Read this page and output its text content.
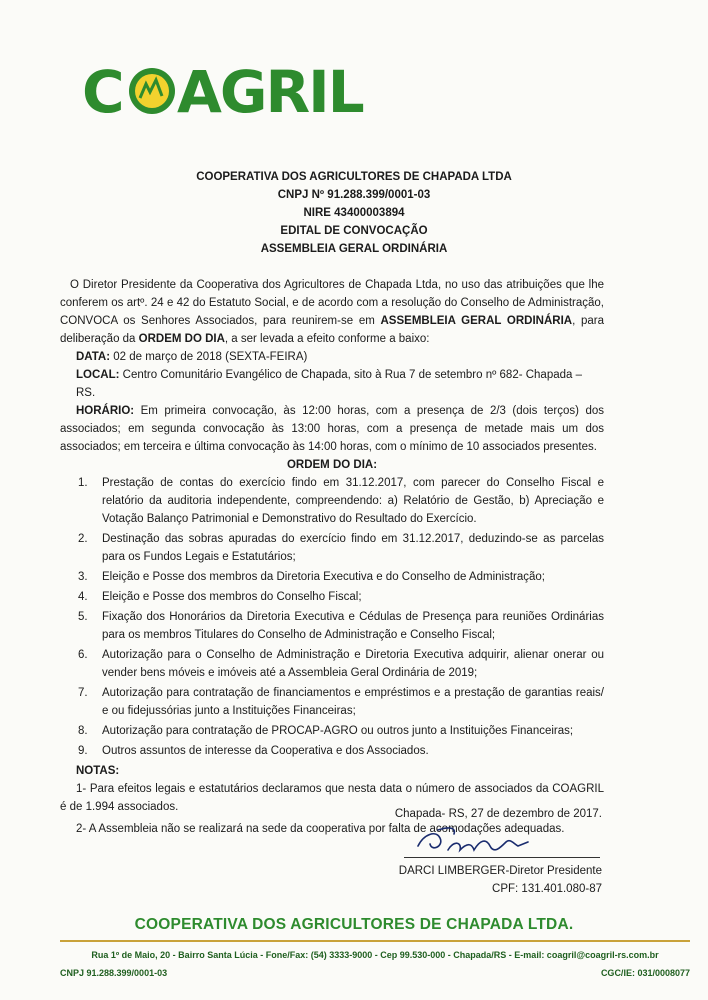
C AGRIL
COOPERATIVA DOS AGRICULTORES DE CHAPADA LTDA
CNPJ Nº 91.288.399/0001-03
NIRE 43400003894
EDITAL DE CONVOCAÇÃO
ASSEMBLEIA GERAL ORDINÁRIA

O Diretor Presidente da Cooperativa dos Agricultores de Chapada Ltda, no uso das atribuições que lhe conferem os artº. 24 e 42 do Estatuto Social, e de acordo com a resolução do Conselho de Administração, CONVOCA os Senhores Associados, para reunirem-se em ASSEMBLEIA GERAL ORDINÁRIA, para deliberação da ORDEM DO DIA, a ser levada a efeito conforme a baixo:

DATA: 02 de março de 2018 (SEXTA-FEIRA)

LOCAL: Centro Comunitário Evangélico de Chapada, sito à Rua 7 de setembro nº 682- Chapada – RS.

HORÁRIO: Em primeira convocação, às 12:00 horas, com a presença de 2/3 (dois terços) dos associados; em segunda convocação às 13:00 horas, com a presença de metade mais um dos associados; em terceira e última convocação às 14:00 horas, com o mínimo de 10 associados presentes.

ORDEM DO DIA:
1. Prestação de contas do exercício findo em 31.12.2017, com parecer do Conselho Fiscal e relatório da auditoria independente, compreendendo: a) Relatório de Gestão, b) Apreciação e Votação Balanço Patrimonial e Demonstrativo do Resultado do Exercício.
2. Destinação das sobras apuradas do exercício findo em 31.12.2017, deduzindo-se as parcelas para os Fundos Legais e Estatutários;
3. Eleição e Posse dos membros da Diretoria Executiva e do Conselho de Administração;
4. Eleição e Posse dos membros do Conselho Fiscal;
5. Fixação dos Honorários da Diretoria Executiva e Cédulas de Presença para reuniões Ordinárias para os membros Titulares do Conselho de Administração e Conselho Fiscal;
6. Autorização para o Conselho de Administração e Diretoria Executiva adquirir, alienar onerar ou vender bens móveis e imóveis até a Assembleia Geral Ordinária de 2019;
7. Autorização para contratação de financiamentos e empréstimos e a prestação de garantias reais/ e ou fidejussórias junto a Instituições Financeiras;
8. Autorização para contratação de PROCAP-AGRO ou outros junto a Instituições Financeiras;
9. Outros assuntos de interesse da Cooperativa e dos Associados.
NOTAS:

1- Para efeitos legais e estatutários declaramos que nesta data o número de associados da COAGRIL é de 1.994 associados.

2- A Assembleia não se realizará na sede da cooperativa por falta de acomodações adequadas.

Chapada- RS, 27 de dezembro de 2017.
DARCI LIMBERGER-Diretor Presidente
CPF: 131.401.080-87
COOPERATIVA DOS AGRICULTORES DE CHAPADA LTDA.
Rua 1º de Maio, 20 - Bairro Santa Lúcia - Fone/Fax: (54) 3333-9000 - Cep 99.530-000 - Chapada/RS - E-mail: coagril@coagril-rs.com.br
CNPJ 91.288.399/0001-03	CGC/IE: 031/0008077
